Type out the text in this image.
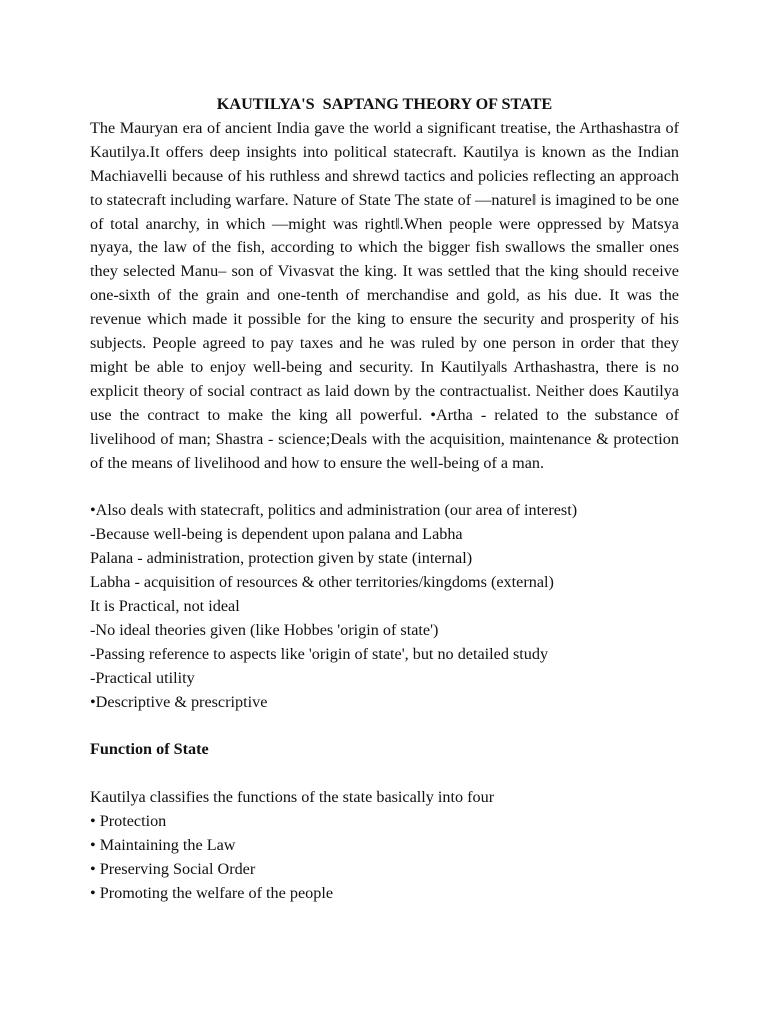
KAUTILYA'S  SAPTANG THEORY OF STATE

The Mauryan era of ancient India gave the world a significant treatise, the Arthashastra of Kautilya.It offers deep insights into political statecraft. Kautilya is known as the Indian Machiavelli because of his ruthless and shrewd tactics and policies reflecting an approach to statecraft including warfare. Nature of State The state of —nature‖ is imagined to be one of total anarchy, in which —might was right‖.When people were oppressed by Matsya nyaya, the law of the fish, according to which the bigger fish swallows the smaller ones they selected Manu– son of Vivasvat the king. It was settled that the king should receive one-sixth of the grain and one-tenth of merchandise and gold, as his due. It was the revenue which made it possible for the king to ensure the security and prosperity of his subjects. People agreed to pay taxes and he was ruled by one person in order that they might be able to enjoy well-being and security. In Kautilya‖s Arthashastra, there is no explicit theory of social contract as laid down by the contractualist. Neither does Kautilya use the contract to make the king all powerful. •Artha - related to the substance of livelihood of man; Shastra - science;Deals with the acquisition, maintenance & protection of the means of livelihood and how to ensure the well-being of a man.

•Also deals with statecraft, politics and administration (our area of interest)

-Because well-being is dependent upon palana and Labha

Palana - administration, protection given by state (internal)

Labha - acquisition of resources & other territories/kingdoms (external)

It is Practical, not ideal

-No ideal theories given (like Hobbes 'origin of state')

-Passing reference to aspects like 'origin of state', but no detailed study

-Practical utility

•Descriptive & prescriptive

Function of State

Kautilya classifies the functions of the state basically into four

• Protection

• Maintaining the Law

• Preserving Social Order

• Promoting the welfare of the people
